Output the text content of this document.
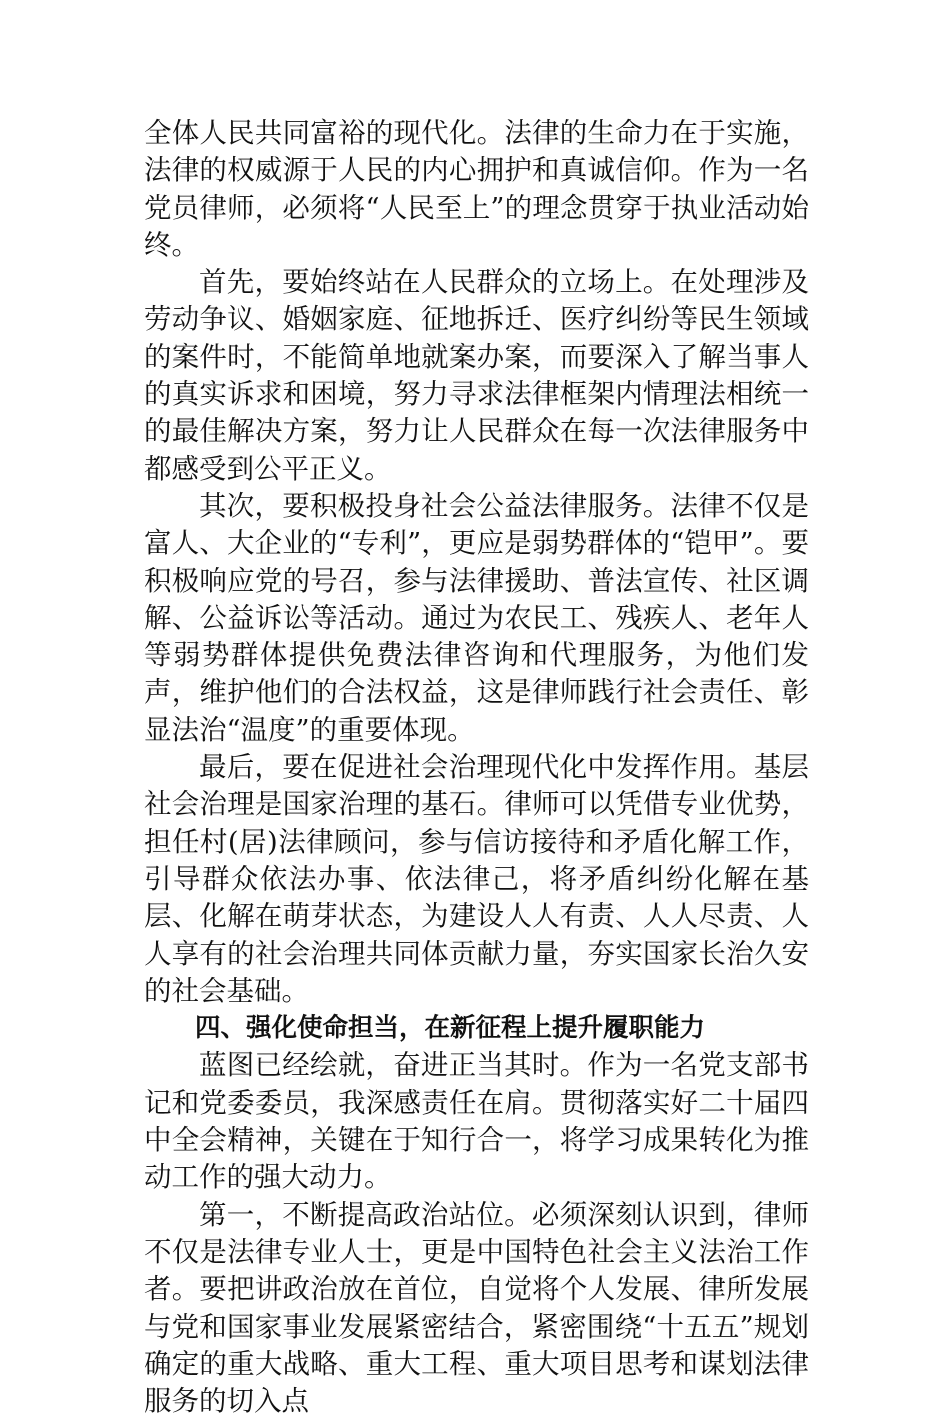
全体人民共同富裕的现代化。法律的生命力在于实施，法律的权威源于人民的内心拥护和真诚信仰。作为一名党员律师，必须将“人民至上”的理念贯穿于执业活动始终。

首先，要始终站在人民群众的立场上。在处理涉及劳动争议、婚姻家庭、征地拆迁、医疗纠纷等民生领域的案件时，不能简单地就案办案，而要深入了解当事人的真实诉求和困境，努力寻求法律框架内情理法相统一的最佳解决方案，努力让人民群众在每一次法律服务中都感受到公平正义。

其次，要积极投身社会公益法律服务。法律不仅是富人、大企业的“专利”，更应是弱势群体的“铠甲”。要积极响应党的号召，参与法律援助、普法宣传、社区调解、公益诉讼等活动。通过为农民工、残疾人、老年人等弱势群体提供免费法律咨询和代理服务，为他们发声，维护他们的合法权益，这是律师践行社会责任、彰显法治“温度”的重要体现。

最后，要在促进社会治理现代化中发挥作用。基层社会治理是国家治理的基石。律师可以凭借专业优势，担任村(居)法律顾问，参与信访接待和矛盾化解工作，引导群众依法办事、依法律己，将矛盾纠纷化解在基层、化解在萌芽状态，为建设人人有责、人人尽责、人人享有的社会治理共同体贡献力量，夯实国家长治久安的社会基础。

四、强化使命担当，在新征程上提升履职能力

蓝图已经绘就，奋进正当其时。作为一名党支部书记和党委委员，我深感责任在肩。贯彻落实好二十届四中全会精神，关键在于知行合一，将学习成果转化为推动工作的强大动力。

第一，不断提高政治站位。必须深刻认识到，律师不仅是法律专业人士，更是中国特色社会主义法治工作者。要把讲政治放在首位，自觉将个人发展、律所发展与党和国家事业发展紧密结合，紧密围绕“十五五”规划确定的重大战略、重大工程、重大项目思考和谋划法律服务的切入点
